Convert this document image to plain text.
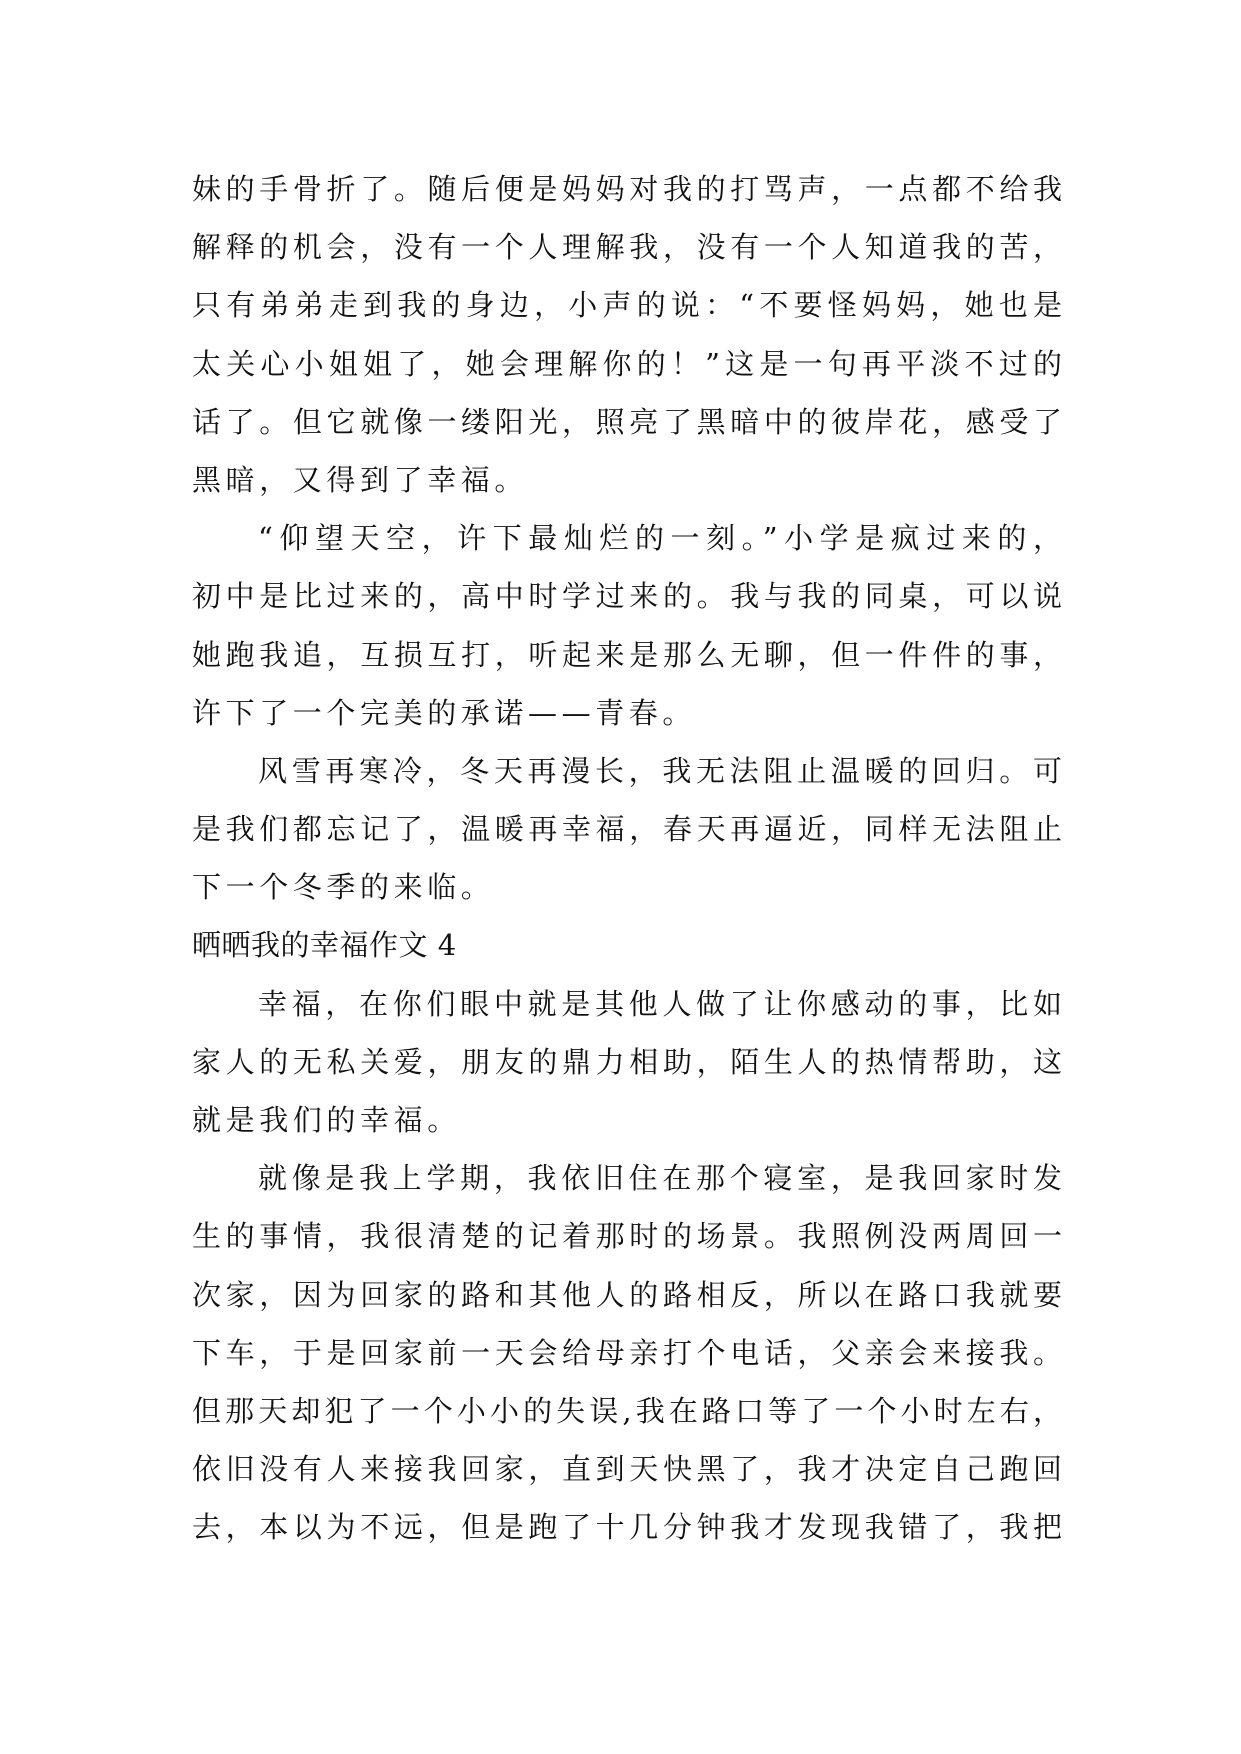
妹的手骨折了。随后便是妈妈对我的打骂声，一点都不给我
解释的机会，没有一个人理解我，没有一个人知道我的苦，
只有弟弟走到我的身边，小声的说：“不要怪妈妈，她也是
太关心小姐姐了，她会理解你的！”这是一句再平淡不过的
话了。但它就像一缕阳光，照亮了黑暗中的彼岸花，感受了
黑暗，又得到了幸福。
“仰望天空，许下最灿烂的一刻。”小学是疯过来的，
初中是比过来的，高中时学过来的。我与我的同桌，可以说
她跑我追，互损互打，听起来是那么无聊，但一件件的事，
许下了一个完美的承诺——青春。
风雪再寒冷，冬天再漫长，我无法阻止温暖的回归。可
是我们都忘记了，温暖再幸福，春天再逼近，同样无法阻止
下一个冬季的来临。
晒晒我的幸福作文 4
幸福，在你们眼中就是其他人做了让你感动的事，比如
家人的无私关爱，朋友的鼎力相助，陌生人的热情帮助，这
就是我们的幸福。
就像是我上学期，我依旧住在那个寝室，是我回家时发
生的事情，我很清楚的记着那时的场景。我照例没两周回一
次家，因为回家的路和其他人的路相反，所以在路口我就要
下车，于是回家前一天会给母亲打个电话，父亲会来接我。
但那天却犯了一个小小的失误,我在路口等了一个小时左右，
依旧没有人来接我回家，直到天快黑了，我才决定自己跑回
去，本以为不远，但是跑了十几分钟我才发现我错了，我把
